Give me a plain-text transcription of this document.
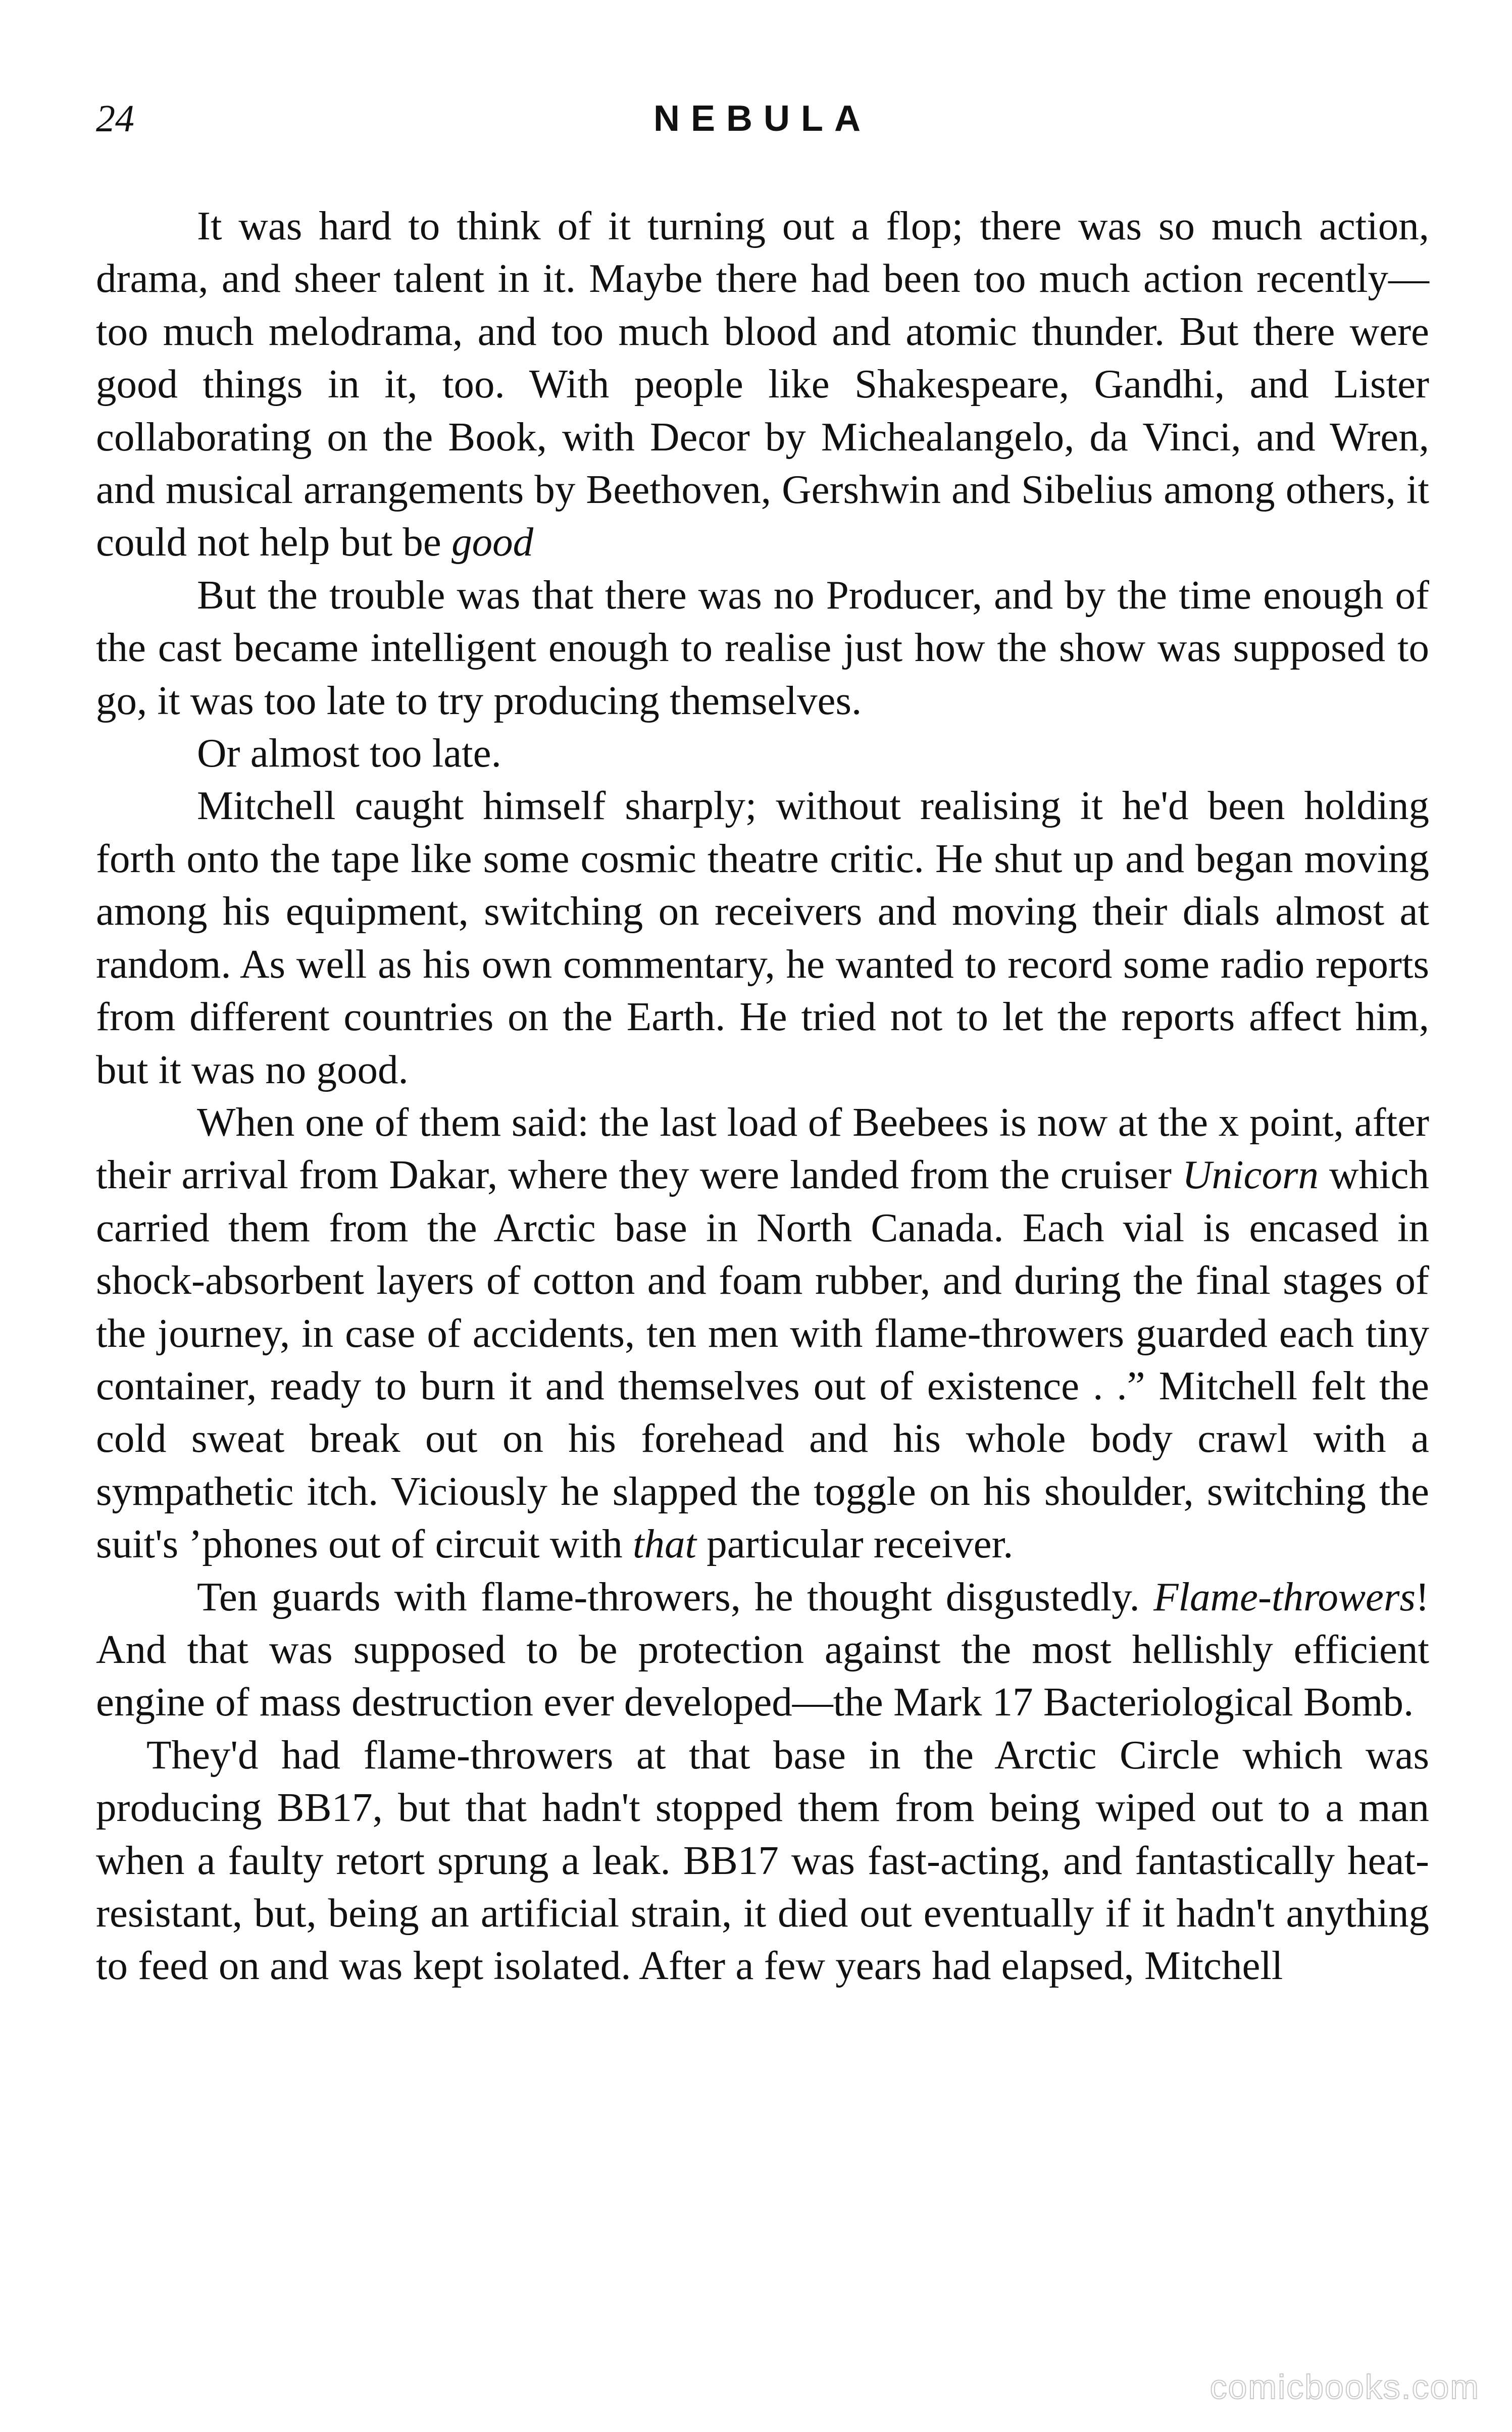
24	NEBULA

It was hard to think of it turning out a flop; there was so much action, drama, and sheer talent in it. Maybe there had been too much action recently—too much melodrama, and too much blood and atomic thunder. But there were good things in it, too. With people like Shakespeare, Gandhi, and Lister collaborating on the Book, with Decor by Michealangelo, da Vinci, and Wren, and musical arrangements by Beethoven, Gershwin and Sibelius among others, it could not help but be good

But the trouble was that there was no Producer, and by the time enough of the cast became intelligent enough to realise just how the show was supposed to go, it was too late to try producing themselves.

Or almost too late.

Mitchell caught himself sharply; without realising it he'd been holding forth onto the tape like some cosmic theatre critic. He shut up and began moving among his equipment, switching on receivers and moving their dials almost at random. As well as his own commentary, he wanted to record some radio reports from different countries on the Earth. He tried not to let the reports affect him, but it was no good.

When one of them said: the last load of Beebees is now at the x point, after their arrival from Dakar, where they were landed from the cruiser Unicorn which carried them from the Arctic base in North Canada. Each vial is encased in shock-absorbent layers of cotton and foam rubber, and during the final stages of the journey, in case of accidents, ten men with flame-throwers guarded each tiny container, ready to burn it and themselves out of existence . .” Mitchell felt the cold sweat break out on his forehead and his whole body crawl with a sympathetic itch. Viciously he slapped the toggle on his shoulder, switching the suit's ’phones out of circuit with that particular receiver.

Ten guards with flame-throwers, he thought disgustedly. Flame-throwers! And that was supposed to be protection against the most hellishly efficient engine of mass destruction ever developed—the Mark 17 Bacteriological Bomb.

They'd had flame-throwers at that base in the Arctic Circle which was producing BB17, but that hadn't stopped them from being wiped out to a man when a faulty retort sprung a leak. BB17 was fast-acting, and fantastically heat-resistant, but, being an artificial strain, it died out eventually if it hadn't anything to feed on and was kept isolated. After a few years had elapsed, Mitchell

comicbooks.com
